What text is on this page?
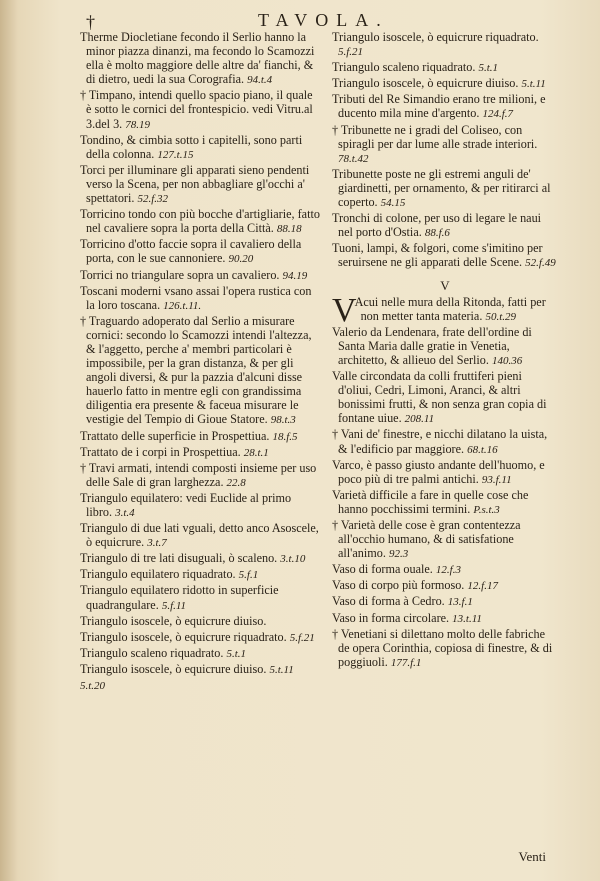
†	TAVOLA.
Therme Diocletiane fecondo il Serlio hanno la minor piazza dinanzi, ma fecondo lo Scamozzi ella è molto maggiore delle altre da' fianchi, & di dietro, uedi la sua Corografia. 94.t.4
† Timpano, intendi quello spacio piano, il quale è sotto le cornici del frontespicio. vedi Vitru.al 3.del 3. 78.19
Tondino, & cimbia sotto i capitelli, sono parti della colonna. 127.t.15
Torci per illuminare gli apparati sieno pendenti verso la Scena, per non abbagliare gl'occhi a' spettatori. 52.f.32
Torricino tondo con più bocche d'artigliarie, fatto nel cavaliere sopra la porta della Città. 88.18
Torricino d'otto faccie sopra il cavaliero della porta, con le sue cannoniere. 90.20
Torrici no triangulare sopra un cavaliero. 94.19
Toscani moderni vsano assai l'opera rustica con la loro toscana. 126.t.11.
† Traguardo adoperato dal Serlio a misurare cornici: secondo lo Scamozzi intendi l'altezza, & l'aggetto, perche a' membri particolari è impossibile, per la gran distanza, & per gli angoli diversi, & pur la pazzia d'alcuni disse hauerlo fatto in mentre egli con grandissima diligentia era presente & faceua misurare le vestigie del Tempio di Gioue Statore. 98.t.3
Trattato delle superficie in Prospettiua. 18.f.5
Trattato de i corpi in Prospettiua. 28.t.1
† Travi armati, intendi composti insieme per uso delle Sale di gran larghezza. 22.8
Triangulo equilatero: vedi Euclide al primo libro. 3.t.4
Triangulo di due lati vguali, detto anco Asoscele, ò equicrure. 3.t.7
Triangulo di tre lati disuguali, ò scaleno. 3.t.10
Triangulo equilatero riquadrato. 5.f.1
Triangulo equilatero ridotto in superficie quadrangulare. 5.f.11
Triangulo isoscele, ò equicrure diuiso.
Triangulo isoscele, ò equicrure riquadrato. 5.f.21
Triangulo scaleno riquadrato. 5.t.1
Triangulo isoscele, ò equicrure diuiso. 5.t.11
5.t.20
Triangulo isoscele, ò equicrure riquadrato. 5.f.21
Triangulo scaleno riquadrato. 5.t.1
Triangulo isoscele, ò equicrure diuiso. 5.t.11
Tributi del Re Simandio erano tre milioni, e ducento mila mine d'argento. 124.f.7
† Tribunette ne i gradi del Coliseo, con spiragli per dar lume alle strade interiori. 78.t.42
Tribunette poste ne gli estremi anguli de' giardinetti, per ornamento, & per ritirarci al coperto. 54.15
Tronchi di colone, per uso di legare le naui nel porto d'Ostia. 88.f.6
Tuoni, lampi, & folgori, come s'imitino per seruirsene ne gli apparati delle Scene. 52.f.49
V
V
Acui nelle mura della Ritonda, fatti per non metter tanta materia. 50.t.29
Valerio da Lendenara, frate dell'ordine di Santa Maria dalle gratie in Venetia, architetto, & allieuo del Serlio. 140.36
Valle circondata da colli fruttiferi pieni d'oliui, Cedri, Limoni, Aranci, & altri bonissimi frutti, & non senza gran copia di fontane uiue. 208.11
† Vani de' finestre, e nicchi dilatano la uista, & l'edificio par maggiore. 68.t.16
Varco, è passo giusto andante dell'huomo, e poco più di tre palmi antichi. 93.f.11
Varietà difficile a fare in quelle cose che hanno pocchissimi termini. P.s.t.3
† Varietà delle cose è gran contentezza all'occhio humano, & di satisfatione all'animo. 92.3
Vaso di forma ouale. 12.f.3
Vaso di corpo più formoso. 12.f.17
Vaso di forma à Cedro. 13.f.1
Vaso in forma circolare. 13.t.11
† Venetiani si dilettano molto delle fabriche de opera Corinthia, copiosa di finestre, & di poggiuoli. 177.f.1
Venti
